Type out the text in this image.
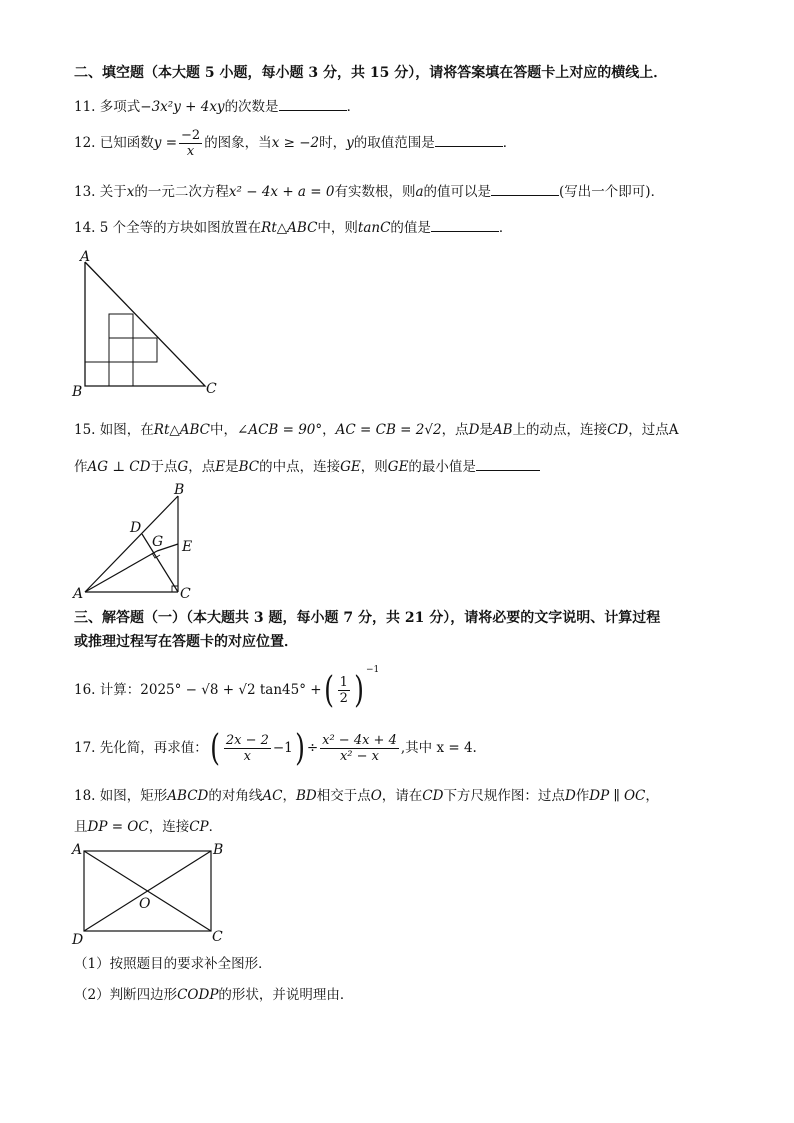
二、填空题（本大题 5 小题，每小题 3 分，共 15 分），请将答案填在答题卡上对应的横线上．
11. 多项式−3x²y + 4xy的次数是	．
12. 已知函数$y = \frac{-2}{x}$ 的图象，当x ≥ −2时，y的取值范围是	．
13. 关于x的一元二次方程x² − 4x + a = 0有实数根，则a的值可以是	(写出一个即可)．
14. 5 个全等的方块如图放置在Rt△ABC中，则tanC的值是	．
A
B	C
15. 如图，在Rt△ABC中，∠ACB = 90°，AC = CB = 2√2，点D是AB上的动点，连接CD，过点A
作AG ⊥ CD于点G，点E是BC的中点，连接GE，则GE的最小值是
B
D
G E
A	C
三、解答题（一）（本大题共 3 题，每小题 7 分，共 21 分），请将必要的文字说明、计算过程
或推理过程写在答题卡的对应位置．
16. 计算：2025° − √8 + √2 tan45° +( $\frac{1}{2}$ ) $^{-1}$
17. 先化简，再求值：( $\frac{2x - 2}{x} -1) \div \frac{\text{x² − 4x + 4}}{\text{x² − x}}$ ,其中 x = 4.
18. 如图，矩形ABCD的对角线AC，BD相交于点O，请在CD下方尺规作图：过点D作DP ∥ OC，
且DP = OC，连接CP．
A	B
O
D	C
（1）按照题目的要求补全图形．
（2）判断四边形CODP的形状，并说明理由．
